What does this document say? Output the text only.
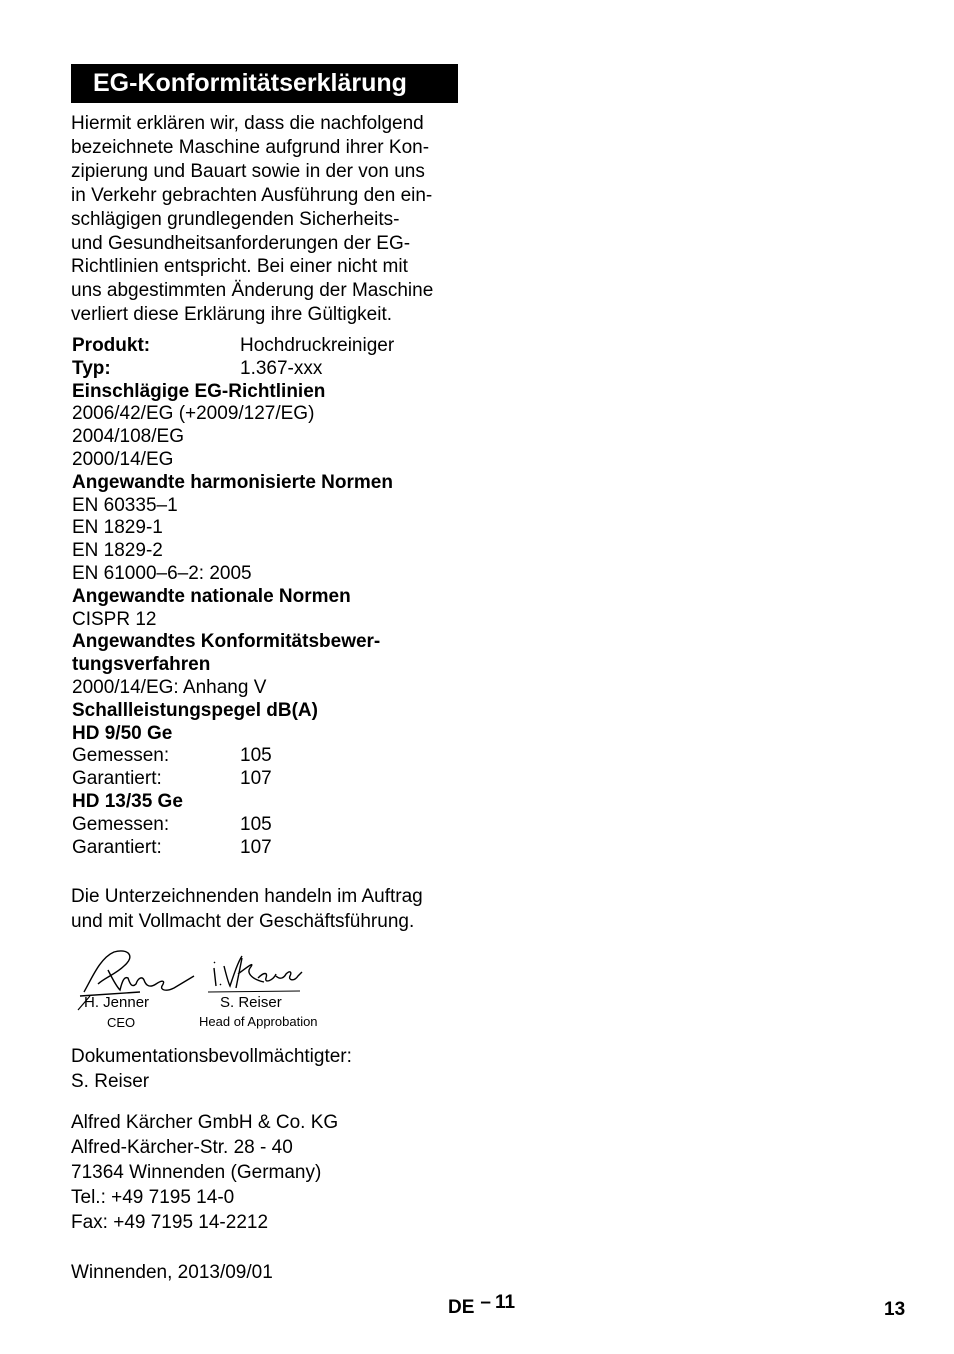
EG-Konformitätserklärung
Hiermit erklären wir, dass die nachfolgend
bezeichnete Maschine aufgrund ihrer Kon-
zipierung und Bauart sowie in der von uns
in Verkehr gebrachten Ausführung den ein-
schlägigen grundlegenden Sicherheits-
und Gesundheitsanforderungen der EG-
Richtlinien entspricht. Bei einer nicht mit
uns abgestimmten Änderung der Maschine
verliert diese Erklärung ihre Gültigkeit.
Produkt:	Hochdruckreiniger
Typ:	1.367-xxx
Einschlägige EG-Richtlinien
2006/42/EG (+2009/127/EG)
2004/108/EG
2000/14/EG
Angewandte harmonisierte Normen
EN 60335–1
EN 1829-1
EN 1829-2
EN 61000–6–2: 2005
Angewandte nationale Normen
CISPR 12
Angewandtes Konformitätsbewer-
tungsverfahren
2000/14/EG: Anhang V
Schallleistungspegel dB(A)
HD 9/50 Ge
Gemessen:	105
Garantiert:	107
HD 13/35 Ge
Gemessen:	105
Garantiert:	107
Die Unterzeichnenden handeln im Auftrag
und mit Vollmacht der Geschäftsführung.
H. Jenner
CEO
S. Reiser
Head of Approbation
Dokumentationsbevollmächtigter:
S. Reiser
Alfred Kärcher GmbH & Co. KG
Alfred-Kärcher-Str. 28 - 40
71364 Winnenden (Germany)
Tel.: +49 7195 14-0
Fax: +49 7195 14-2212
Winnenden, 2013/09/01
DE – 11	13
